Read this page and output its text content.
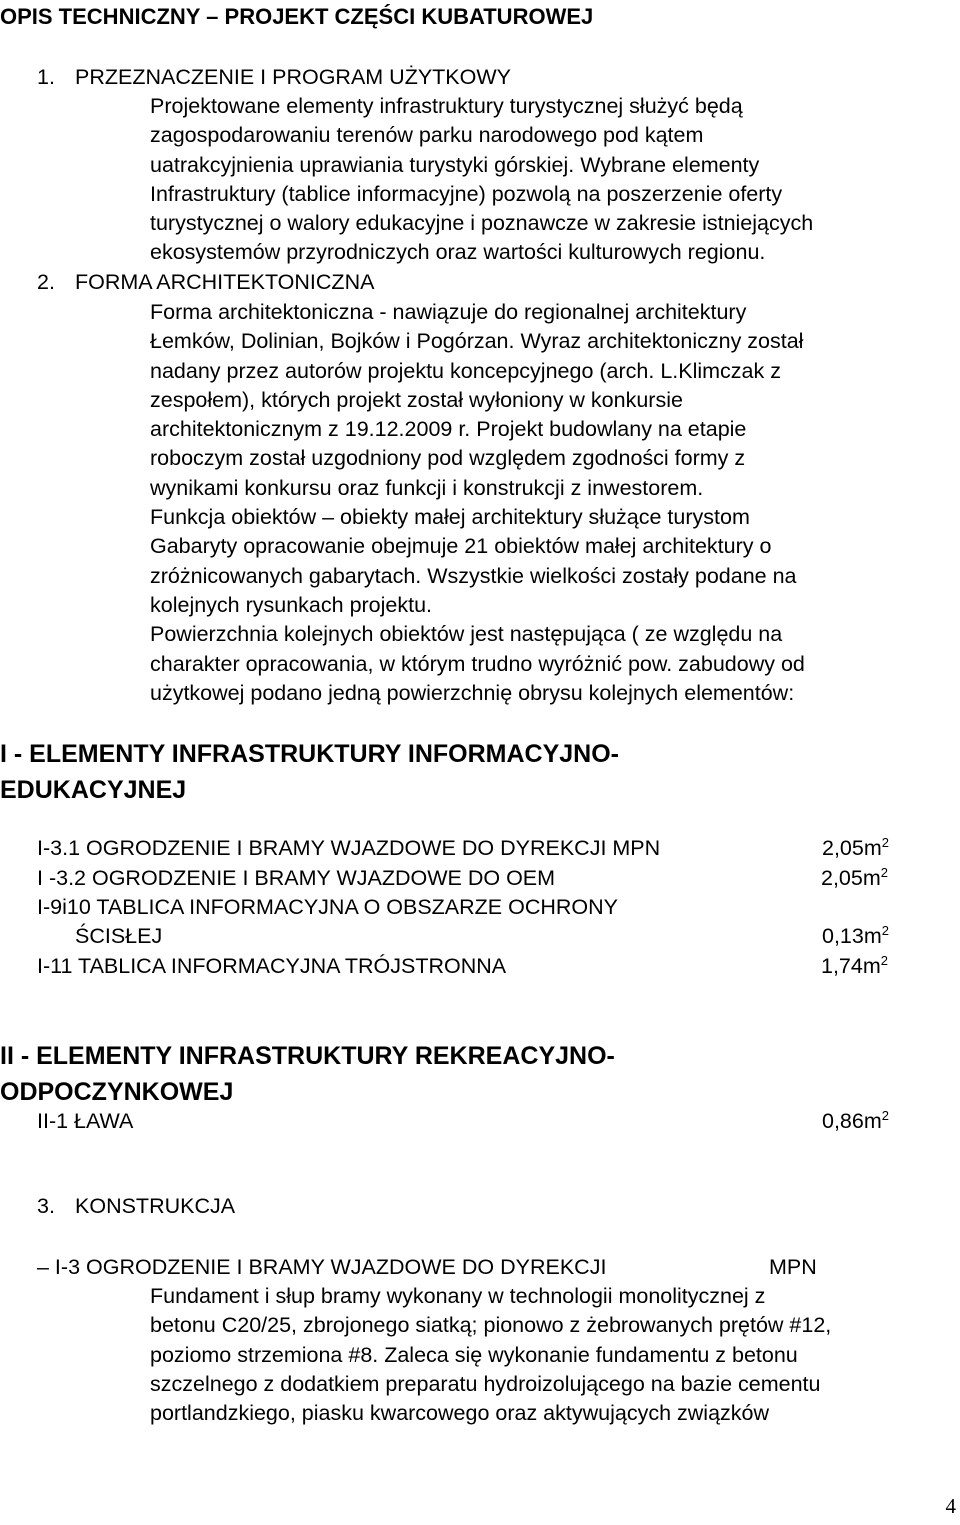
OPIS TECHNICZNY – PROJEKT CZĘŚCI KUBATUROWEJ
1. PRZEZNACZENIE I PROGRAM UŻYTKOWY
Projektowane elementy infrastruktury turystycznej służyć będą
zagospodarowaniu terenów parku narodowego pod kątem
uatrakcyjnienia uprawiania turystyki górskiej. Wybrane elementy
Infrastruktury (tablice informacyjne) pozwolą na poszerzenie oferty
turystycznej o walory edukacyjne i poznawcze w zakresie istniejących
ekosystemów przyrodniczych oraz wartości kulturowych regionu.
2. FORMA ARCHITEKTONICZNA
Forma architektoniczna - nawiązuje do regionalnej architektury
Łemków, Dolinian, Bojków i Pogórzan. Wyraz architektoniczny został
nadany przez autorów projektu koncepcyjnego (arch. L.Klimczak z
zespołem), których projekt został wyłoniony w konkursie
architektonicznym z 19.12.2009 r. Projekt budowlany na etapie
roboczym został uzgodniony pod względem zgodności formy z
wynikami konkursu oraz funkcji i konstrukcji z inwestorem.
Funkcja obiektów – obiekty małej architektury służące turystom
Gabaryty opracowanie obejmuje 21 obiektów małej architektury o
zróżnicowanych gabarytach. Wszystkie wielkości zostały podane na
kolejnych rysunkach projektu.
Powierzchnia kolejnych obiektów jest następująca ( ze względu na
charakter opracowania, w którym trudno wyróżnić pow. zabudowy od
użytkowej podano jedną powierzchnię obrysu kolejnych elementów:
I - ELEMENTY INFRASTRUKTURY INFORMACYJNO-
EDUKACYJNEJ
I-3.1 OGRODZENIE I BRAMY WJAZDOWE DO DYREKCJI MPN	$2,05m^2$
I -3.2 OGRODZENIE I BRAMY WJAZDOWE DO OEM	$2,05m^2$
I-9i10 TABLICA INFORMACYJNA O OBSZARZE OCHRONY
ŚCISŁEJ	$0,13m^2$
I-11 TABLICA INFORMACYJNA TRÓJSTRONNA	$1,74m^2$
II - ELEMENTY INFRASTRUKTURY REKREACYJNO-
ODPOCZYNKOWEJ
II-1 ŁAWA	$0,86m^2$
3. KONSTRUKCJA
– I-3 OGRODZENIE I BRAMY WJAZDOWE DO DYREKCJI	MPN
Fundament i słup bramy wykonany w technologii monolitycznej z
betonu C20/25, zbrojonego siatką; pionowo z żebrowanych prętów #12,
poziomo strzemiona #8. Zaleca się wykonanie fundamentu z betonu
szczelnego z dodatkiem preparatu hydroizolującego na bazie cementu
portlandzkiego, piasku kwarcowego oraz aktywujących związków
4
